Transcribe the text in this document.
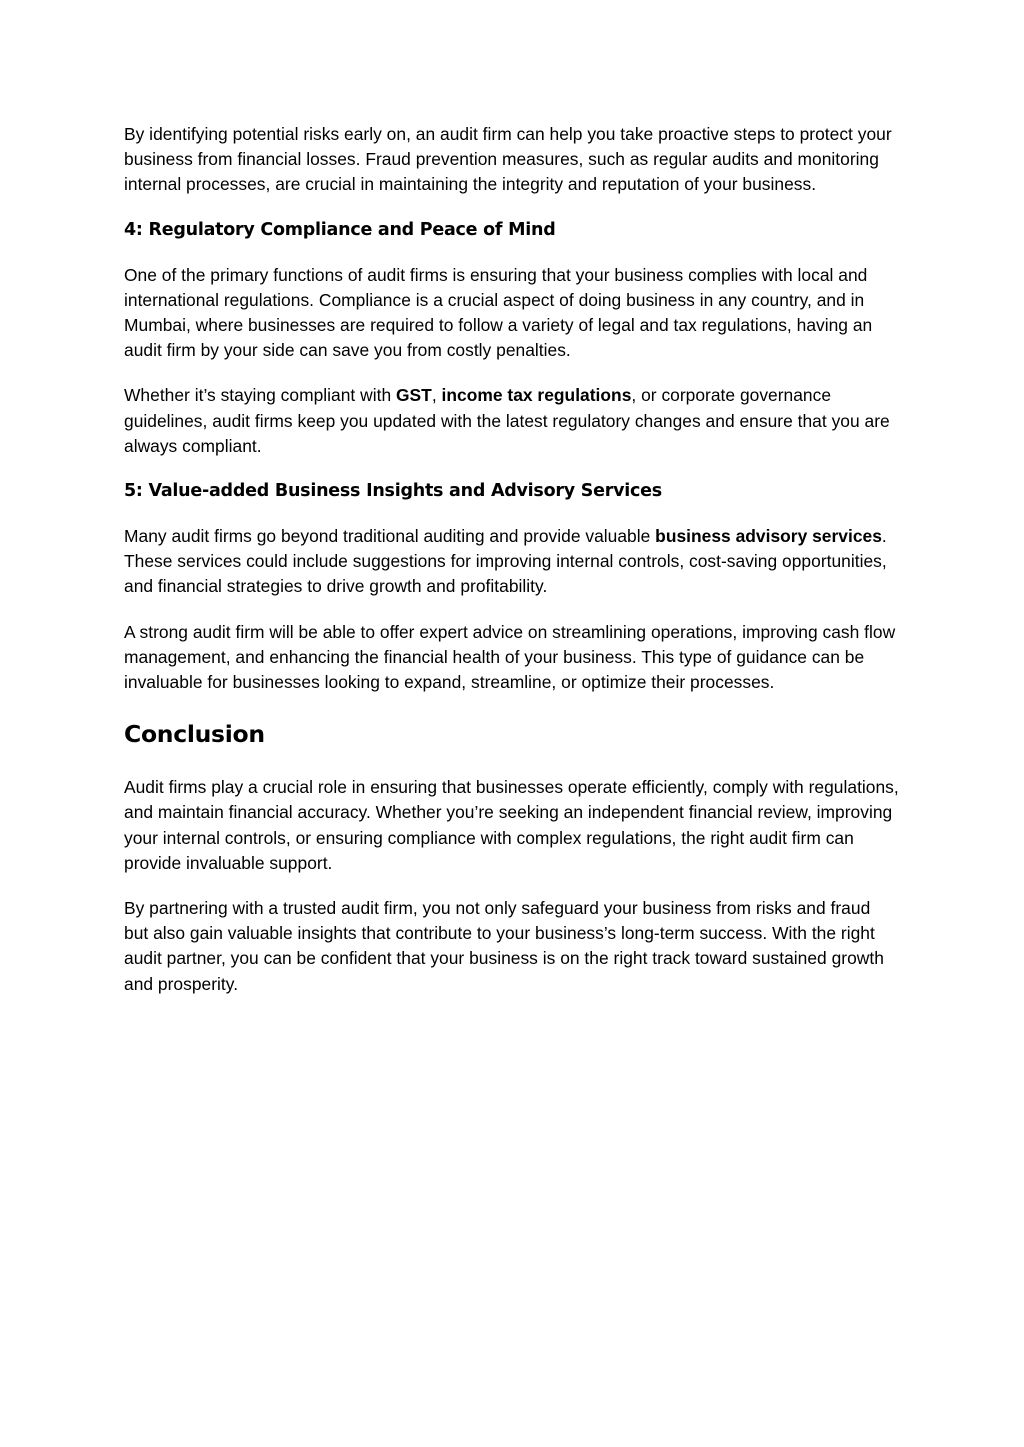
By identifying potential risks early on, an audit firm can help you take proactive steps to protect your business from financial losses. Fraud prevention measures, such as regular audits and monitoring internal processes, are crucial in maintaining the integrity and reputation of your business.

4: Regulatory Compliance and Peace of Mind

One of the primary functions of audit firms is ensuring that your business complies with local and international regulations. Compliance is a crucial aspect of doing business in any country, and in Mumbai, where businesses are required to follow a variety of legal and tax regulations, having an audit firm by your side can save you from costly penalties.

Whether it’s staying compliant with GST, income tax regulations, or corporate governance guidelines, audit firms keep you updated with the latest regulatory changes and ensure that you are always compliant.

5: Value-added Business Insights and Advisory Services

Many audit firms go beyond traditional auditing and provide valuable business advisory services. These services could include suggestions for improving internal controls, cost-saving opportunities, and financial strategies to drive growth and profitability.

A strong audit firm will be able to offer expert advice on streamlining operations, improving cash flow management, and enhancing the financial health of your business. This type of guidance can be invaluable for businesses looking to expand, streamline, or optimize their processes.

Conclusion

Audit firms play a crucial role in ensuring that businesses operate efficiently, comply with regulations, and maintain financial accuracy. Whether you’re seeking an independent financial review, improving your internal controls, or ensuring compliance with complex regulations, the right audit firm can provide invaluable support.

By partnering with a trusted audit firm, you not only safeguard your business from risks and fraud but also gain valuable insights that contribute to your business’s long-term success. With the right audit partner, you can be confident that your business is on the right track toward sustained growth and prosperity.
